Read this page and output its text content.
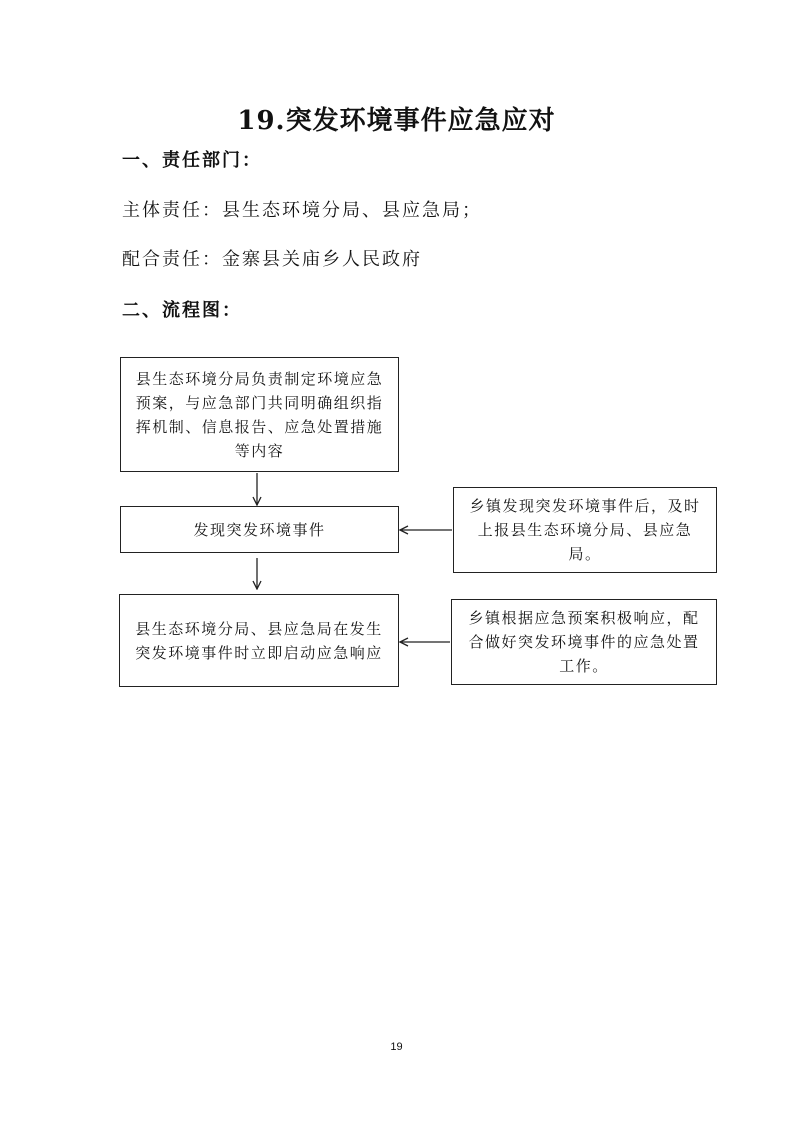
19.突发环境事件应急应对
一、责任部门：
主体责任：县生态环境分局、县应急局；
配合责任：金寨县关庙乡人民政府
二、流程图：
县生态环境分局负责制定环境应急预案，与应急部门共同明确组织指挥机制、信息报告、应急处置措施等内容
发现突发环境事件
乡镇发现突发环境事件后，及时上报县生态环境分局、县应急局。
县生态环境分局、县应急局在发生突发环境事件时立即启动应急响应
乡镇根据应急预案积极响应，配合做好突发环境事件的应急处置工作。
19
